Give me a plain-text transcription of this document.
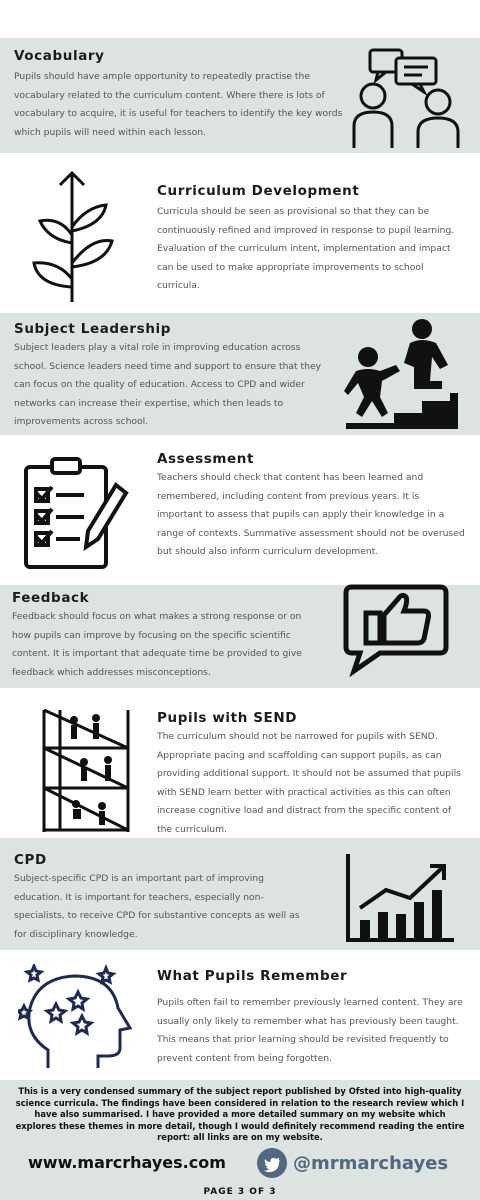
Vocabulary

Pupils should have ample opportunity to repeatedly practise the vocabulary related to the curriculum content. Where there is lots of vocabulary to acquire, it is useful for teachers to identify the key words which pupils will need within each lesson.

Curriculum Development

Curricula should be seen as provisional so that they can be continuously refined and improved in response to pupil learning. Evaluation of the curriculum intent, implementation and impact can be used to make appropriate improvements to school curricula.

Subject Leadership

Subject leaders play a vital role in improving education across school. Science leaders need time and support to ensure that they can focus on the quality of education. Access to CPD and wider networks can increase their expertise, which then leads to improvements across school.

Assessment

Teachers should check that content has been learned and remembered, including content from previous years. It is important to assess that pupils can apply their knowledge in a range of contexts. Summative assessment should not be overused but should also inform curriculum development.

Feedback

Feedback should focus on what makes a strong response or on how pupils can improve by focusing on the specific scientific content. It is important that adequate time be provided to give feedback which addresses misconceptions.

Pupils with SEND

The curriculum should not be narrowed for pupils with SEND. Appropriate pacing and scaffolding can support pupils, as can providing additional support. It should not be assumed that pupils with SEND learn better with practical activities as this can often increase cognitive load and distract from the specific content of the curriculum.

CPD

Subject-specific CPD is an important part of improving education. It is important for teachers, especially non-specialists, to receive CPD for substantive concepts as well as for disciplinary knowledge.

What Pupils Remember

Pupils often fail to remember previously learned content. They are usually only likely to remember what has previously been taught. This means that prior learning should be revisited frequently to prevent content from being forgotten.

This is a very condensed summary of the subject report published by Ofsted into high-quality science curricula. The findings have been considered in relation to the research review which I have also summarised. I have provided a more detailed summary on my website which explores these themes in more detail, though I would definitely recommend reading the entire report: all links are on my website.

www.marcrhayes.com	@mrmarchayes
PAGE 3 OF 3
